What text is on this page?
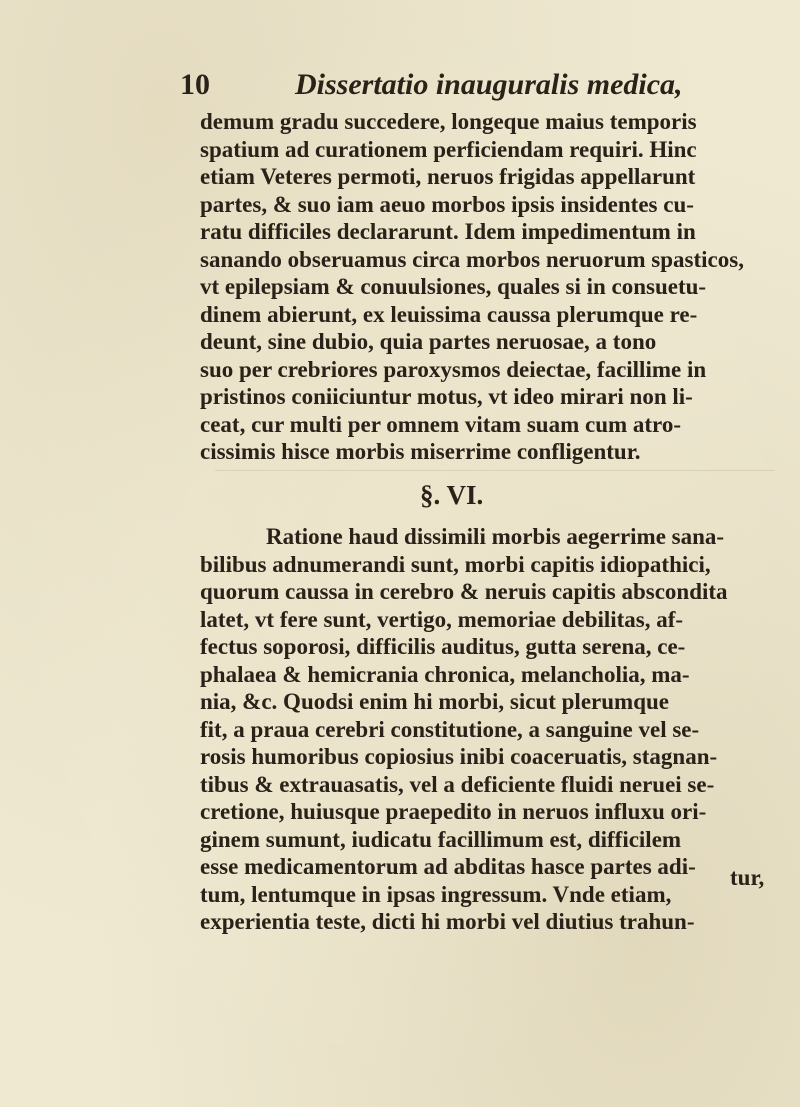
10	Dissertatio inauguralis medica,
demum gradu succedere, longeque maius temporis
spatium ad curationem perficiendam requiri. Hinc
etiam Veteres permoti, neruos frigidas appellarunt
partes, & suo iam aeuo morbos ipsis insidentes cu-
ratu difficiles declararunt. Idem impedimentum in
sanando obseruamus circa morbos neruorum spasticos,
vt epilepsiam & conuulsiones, quales si in consuetu-
dinem abierunt, ex leuissima caussa plerumque re-
deunt, sine dubio, quia partes neruosae, a tono
suo per crebriores paroxysmos deiectae, facillime in
pristinos coniiciuntur motus, vt ideo mirari non li-
ceat, cur multi per omnem vitam suam cum atro-
cissimis hisce morbis miserrime confligentur.
§. VI.
Ratione haud dissimili morbis aegerrime sana-
bilibus adnumerandi sunt, morbi capitis idiopathici,
quorum caussa in cerebro & neruis capitis abscondita
latet, vt fere sunt, vertigo, memoriae debilitas, af-
fectus soporosi, difficilis auditus, gutta serena, ce-
phalaea & hemicrania chronica, melancholia, ma-
nia, &c. Quodsi enim hi morbi, sicut plerumque
fit, a praua cerebri constitutione, a sanguine vel se-
rosis humoribus copiosius inibi coaceruatis, stagnan-
tibus & extrauasatis, vel a deficiente fluidi neruei se-
cretione, huiusque praepedito in neruos influxu ori-
ginem sumunt, iudicatu facillimum est, difficilem
esse medicamentorum ad abditas hasce partes adi-
tum, lentumque in ipsas ingressum. Vnde etiam,
experientia teste, dicti hi morbi vel diutius trahun-
tur,
